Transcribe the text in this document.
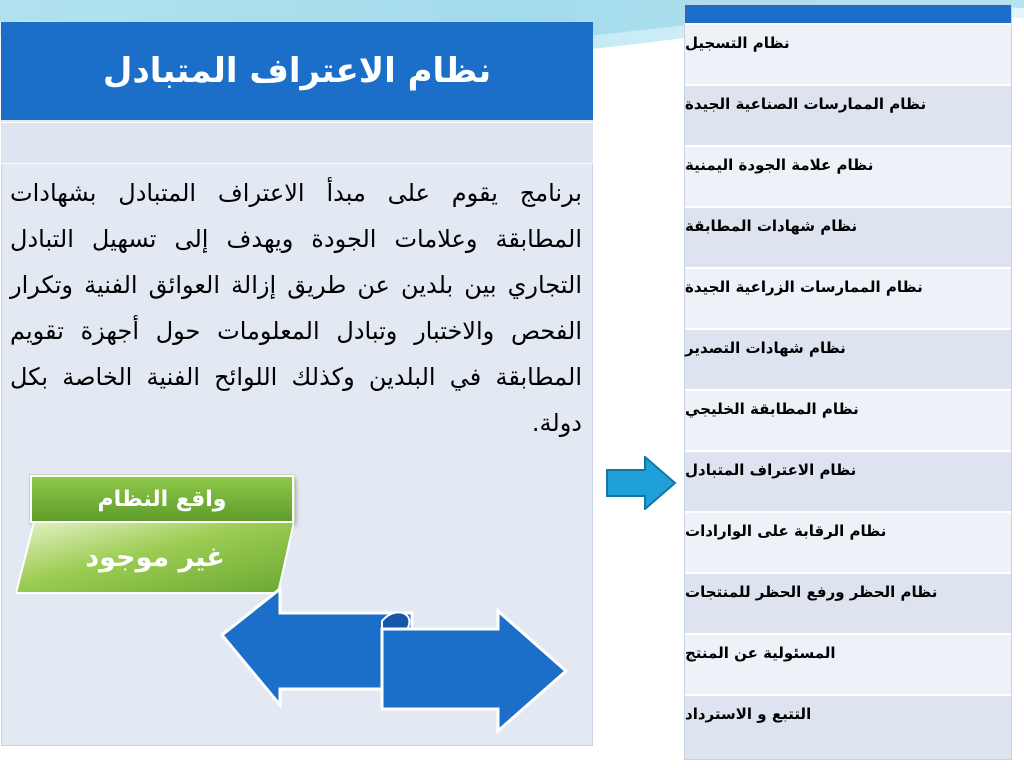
نظام الاعتراف المتبادل
برنامج يقوم على مبدأ الاعتراف المتبادل بشهادات المطابقة وعلامات الجودة ويهدف إلى تسهيل التبادل التجاري بين بلدين عن طريق إزالة العوائق الفنية وتكرار الفحص والاختبار وتبادل المعلومات حول أجهزة تقويم المطابقة في البلدين وكذلك اللوائح الفنية الخاصة بكل دولة.
واقع النظام
غير موجود
نظام التسجيل
نظام الممارسات الصناعية الجيدة
نظام علامة الجودة اليمنية
نظام شهادات المطابقة
نظام الممارسات الزراعية الجيدة
نظام شهادات التصدير
نظام المطابقة الخليجي
نظام الاعتراف المتبادل
نظام الرقابة على الوارادات
نظام الحظر ورفع الحظر للمنتجات
المسئولية عن المنتج
التتبع و الاسترداد
